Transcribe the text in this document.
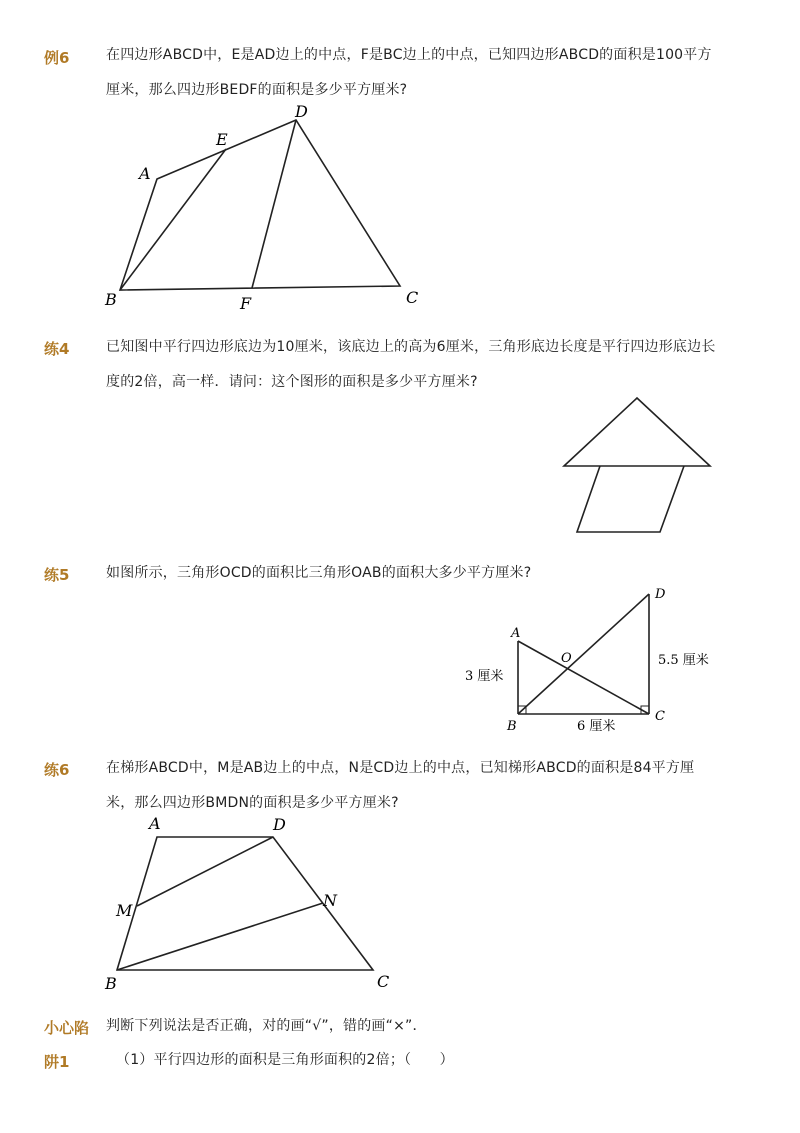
例6	在四边形ABCD中，E是AD边上的中点，F是BC边上的中点，已知四边形ABCD的面积是100平方
厘米，那么四边形BEDF的面积是多少平方厘米?
A
B	C
D
E
F
练4	已知图中平行四边形底边为10厘米，该底边上的高为6厘米，三角形底边长度是平行四边形底边长
度的2倍，高一样．请问：这个图形的面积是多少平方厘米?
练5	如图所示，三角形OCD的面积比三角形OAB的面积大多少平方厘米?
A
B
C
D
O
3 厘米
6 厘米
5.5 厘米
练6	在梯形ABCD中，M是AB边上的中点，N是CD边上的中点，已知梯形ABCD的面积是84平方厘
米，那么四边形BMDN的面积是多少平方厘米?
A
B	C
D
M
N
小心陷 判断下列说法是否正确，对的画“√”，错的画“×”．
阱1	（1）平行四边形的面积是三角形面积的2倍；（　　）
